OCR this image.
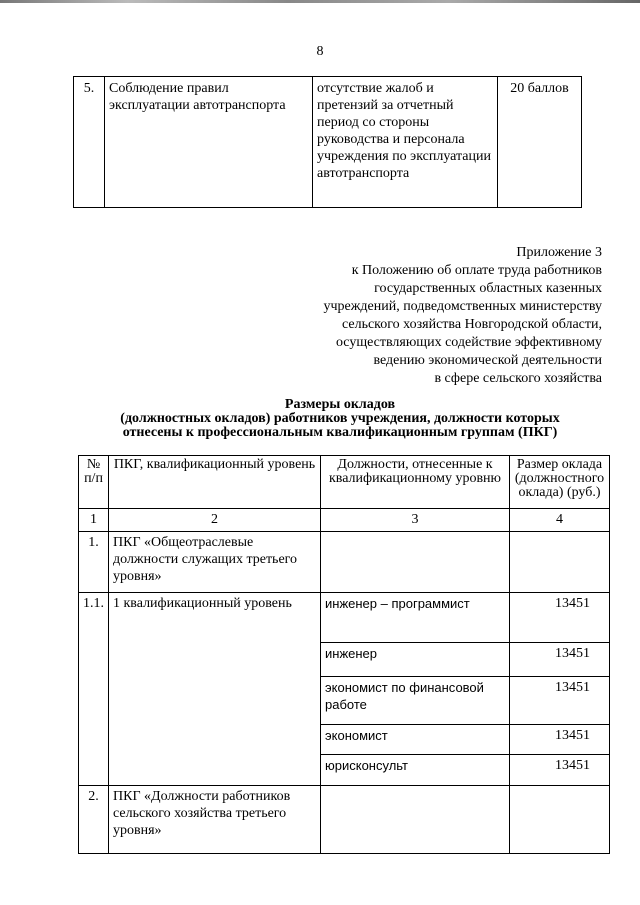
8
5.	Соблюдение правил эксплуатации автотранспорта	отсутствие жалоб и претензий за отчетный период со стороны руководства и персонала учреждения по эксплуатации автотранспорта	20 баллов
Приложение 3
к Положению об оплате труда работников
государственных областных казенных
учреждений, подведомственных министерству
сельского хозяйства Новгородской области,
осуществляющих содействие эффективному
ведению экономической деятельности
в сфере сельского хозяйства
Размеры окладов
(должностных окладов) работников учреждения, должности которых
отнесены к профессиональным квалификационным группам (ПКГ)
№ п/п	ПКГ, квалификационный уровень	Должности, отнесенные к квалификационному уровню	Размер оклада (должностного оклада) (руб.)
1	2	3	4
1.	ПКГ «Общеотраслевые должности служащих третьего уровня»		
1.1.	1 квалификационный уровень	инженер – программист	13451
		инженер	13451
		экономист по финансовой работе	13451
		экономист	13451
		юрисконсульт	13451
2.	ПКГ «Должности работников сельского хозяйства третьего уровня»		
